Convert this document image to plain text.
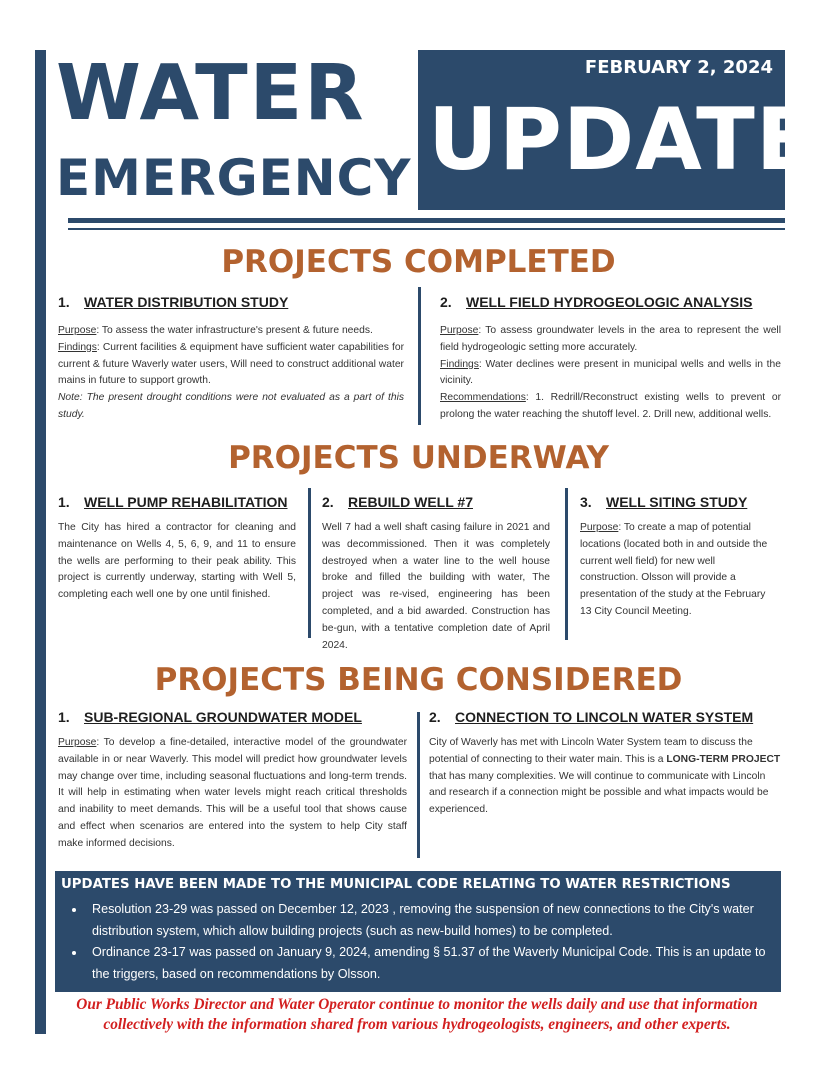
WATER
EMERGENCY
FEBRUARY 2, 2024
UPDATE
PROJECTS COMPLETED
1. WATER DISTRIBUTION STUDY
Purpose: To assess the water infrastructure's present & future needs.
Findings: Current facilities & equipment have sufficient water capabilities for current & future Waverly water users, Will need to construct additional water mains in future to support growth.
Note: The present drought conditions were not evaluated as a part of this study.
2. WELL FIELD HYDROGEOLOGIC ANALYSIS
Purpose: To assess groundwater levels in the area to represent the well field hydrogeologic setting more accurately.
Findings: Water declines were present in municipal wells and wells in the vicinity.
Recommendations: 1. Redrill/Reconstruct existing wells to prevent or prolong the water reaching the shutoff level. 2. Drill new, additional wells.
PROJECTS UNDERWAY
1. WELL PUMP REHABILITATION
The City has hired a contractor for cleaning and maintenance on Wells 4, 5, 6, 9, and 11 to ensure the wells are performing to their peak ability. This project is currently underway, starting with Well 5, completing each well one by one until finished.
2. REBUILD WELL #7
Well 7 had a well shaft casing failure in 2021 and was decommissioned. Then it was completely destroyed when a water line to the well house broke and filled the building with water, The project was re-vised, engineering has been completed, and a bid awarded. Construction has be-gun, with a tentative completion date of April 2024.
3. WELL SITING STUDY
Purpose: To create a map of potential locations (located both in and outside the current well field) for new well construction. Olsson will provide a presentation of the study at the February 13 City Council Meeting.
PROJECTS BEING CONSIDERED
1. SUB-REGIONAL GROUNDWATER MODEL
Purpose: To develop a fine-detailed, interactive model of the groundwater available in or near Waverly. This model will predict how groundwater levels may change over time, including seasonal fluctuations and long-term trends. It will help in estimating when water levels might reach critical thresholds and inability to meet demands. This will be a useful tool that shows cause and effect when scenarios are entered into the system to help City staff make informed decisions.
2. CONNECTION TO LINCOLN WATER SYSTEM
City of Waverly has met with Lincoln Water System team to discuss the potential of connecting to their water main. This is a LONG-TERM PROJECT that has many complexities. We will continue to communicate with Lincoln and research if a connection might be possible and what impacts would be experienced.
UPDATES HAVE BEEN MADE TO THE MUNICIPAL CODE RELATING TO WATER RESTRICTIONS
• Resolution 23-29 was passed on December 12, 2023 , removing the suspension of new connections to the City's water distribution system, which allow building projects (such as new-build homes) to be completed.
• Ordinance 23-17 was passed on January 9, 2024, amending § 51.37 of the Waverly Municipal Code. This is an update to the triggers, based on recommendations by Olsson.
Our Public Works Director and Water Operator continue to monitor the wells daily and use that information collectively with the information shared from various hydrogeologists, engineers, and other experts.
